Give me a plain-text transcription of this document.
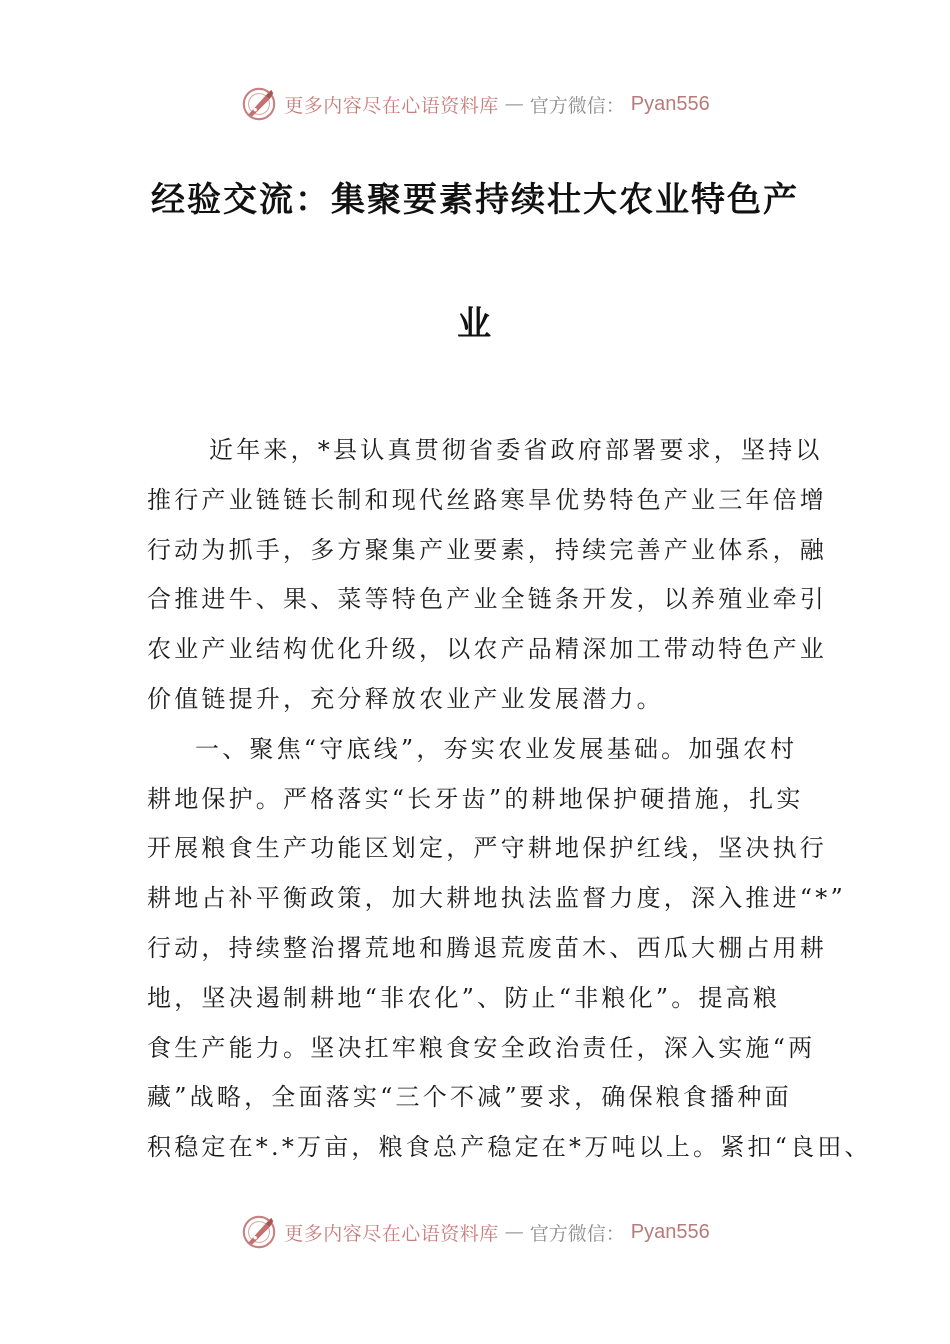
更多内容尽在心语资料库 — 官方微信： Pyan556
经验交流：集聚要素持续壮大农业特色产
业
近年来，*县认真贯彻省委省政府部署要求，坚持以
推行产业链链长制和现代丝路寒旱优势特色产业三年倍增
行动为抓手，多方聚集产业要素，持续完善产业体系，融
合推进牛、果、菜等特色产业全链条开发，以养殖业牵引
农业产业结构优化升级，以农产品精深加工带动特色产业
价值链提升，充分释放农业产业发展潜力。
一、聚焦“守底线”，夯实农业发展基础。加强农村
耕地保护。严格落实“长牙齿”的耕地保护硬措施，扎实
开展粮食生产功能区划定，严守耕地保护红线，坚决执行
耕地占补平衡政策，加大耕地执法监督力度，深入推进“*”
行动，持续整治撂荒地和腾退荒废苗木、西瓜大棚占用耕
地，坚决遏制耕地“非农化”、防止“非粮化”。提高粮
食生产能力。坚决扛牢粮食安全政治责任，深入实施“两
藏”战略，全面落实“三个不减”要求，确保粮食播种面
积稳定在*.*万亩，粮食总产稳定在*万吨以上。紧扣“良田、
更多内容尽在心语资料库 — 官方微信： Pyan556
